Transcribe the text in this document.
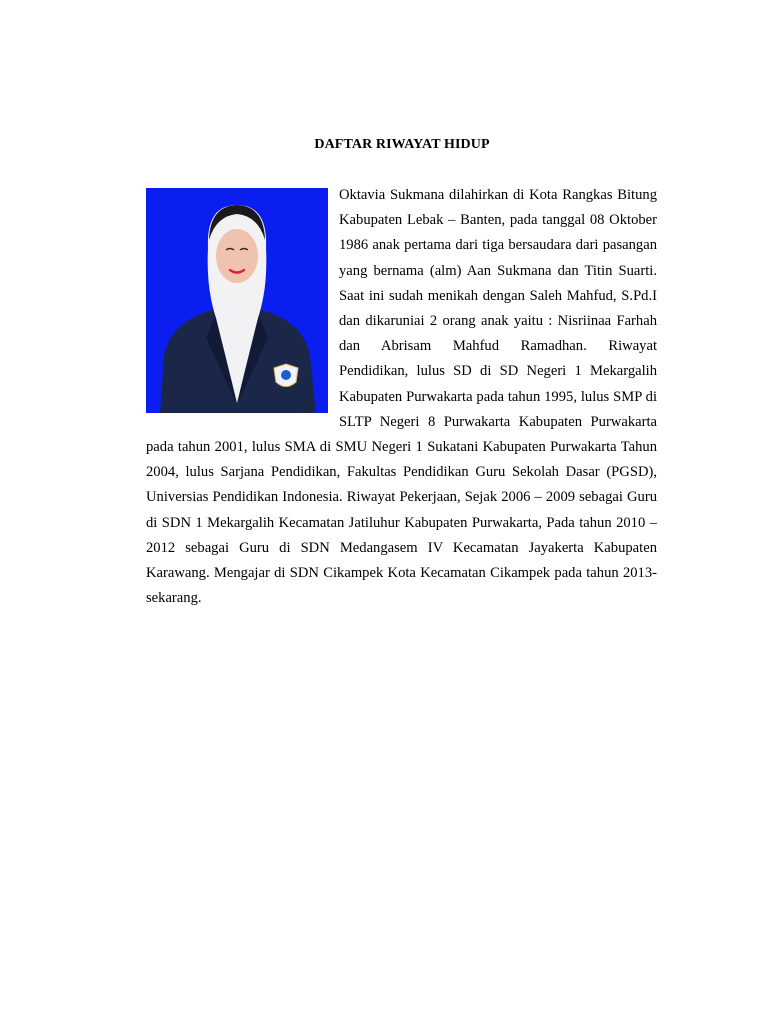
DAFTAR RIWAYAT HIDUP

Oktavia Sukmana dilahirkan di Kota Rangkas Bitung Kabupaten Lebak – Banten, pada tanggal 08 Oktober 1986 anak pertama dari tiga bersaudara dari pasangan yang bernama (alm) Aan Sukmana dan Titin Suarti. Saat ini sudah menikah dengan Saleh Mahfud, S.Pd.I dan dikaruniai 2 orang anak yaitu : Nisriinaa Farhah dan Abrisam Mahfud Ramadhan. Riwayat Pendidikan, lulus SD di SD Negeri 1 Mekargalih Kabupaten Purwakarta pada tahun 1995, lulus SMP di SLTP Negeri 8 Purwakarta Kabupaten Purwakarta pada tahun 2001, lulus SMA di SMU Negeri 1 Sukatani Kabupaten Purwakarta Tahun 2004, lulus Sarjana Pendidikan, Fakultas Pendidikan Guru Sekolah Dasar (PGSD), Universias Pendidikan Indonesia. Riwayat Pekerjaan, Sejak 2006 – 2009 sebagai Guru di SDN 1 Mekargalih Kecamatan Jatiluhur Kabupaten Purwakarta, Pada tahun 2010 – 2012 sebagai Guru di SDN Medangasem IV Kecamatan Jayakerta Kabupaten Karawang. Mengajar di SDN Cikampek Kota Kecamatan Cikampek pada tahun 2013-sekarang.
